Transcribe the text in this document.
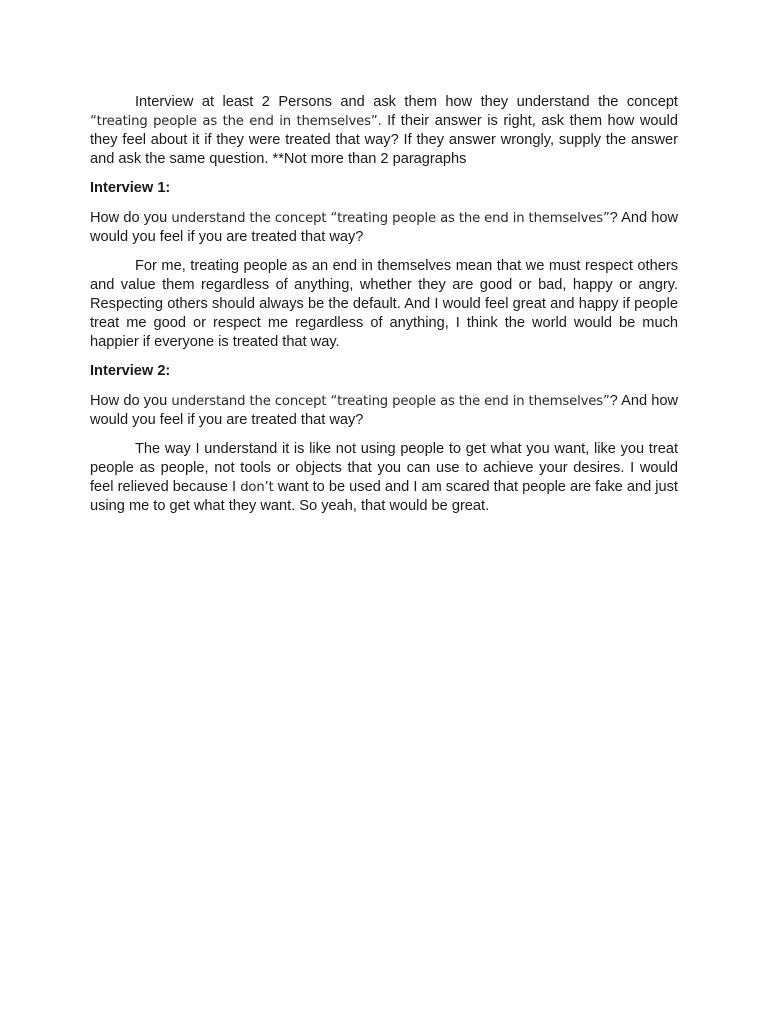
Interview at least 2 Persons and ask them how they understand the concept “treating people as the end in themselves”. If their answer is right, ask them how would they feel about it if they were treated that way? If they answer wrongly, supply the answer and ask the same question. **Not more than 2 paragraphs

Interview 1:

How do you understand the concept “treating people as the end in themselves”? And how would you feel if you are treated that way?

For me, treating people as an end in themselves mean that we must respect others and value them regardless of anything, whether they are good or bad, happy or angry. Respecting others should always be the default. And I would feel great and happy if people treat me good or respect me regardless of anything, I think the world would be much happier if everyone is treated that way.

Interview 2:

How do you understand the concept “treating people as the end in themselves”? And how would you feel if you are treated that way?

The way I understand it is like not using people to get what you want, like you treat people as people, not tools or objects that you can use to achieve your desires. I would feel relieved because I don’t want to be used and I am scared that people are fake and just using me to get what they want. So yeah, that would be great.
